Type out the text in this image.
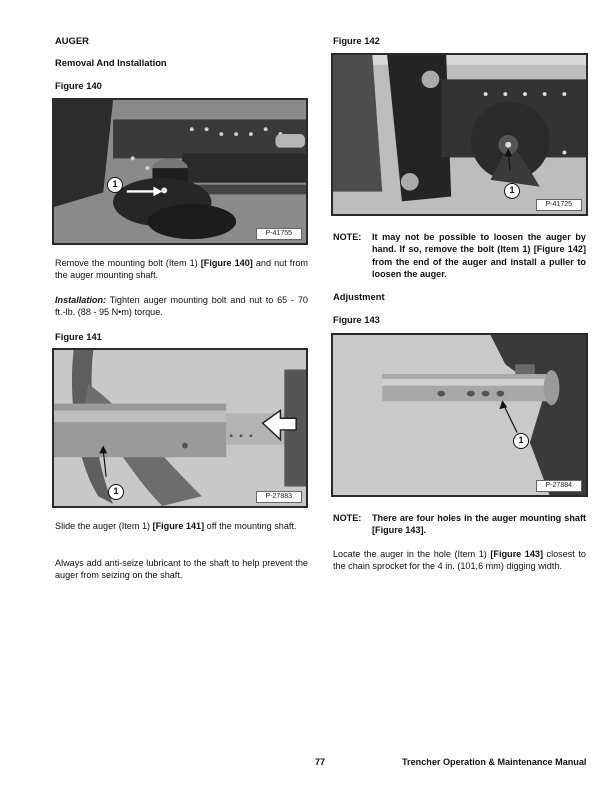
AUGER
Removal And Installation
Figure 140
1
P-41755
Remove the mounting bolt (Item 1) [Figure 140] and nut from the auger mounting shaft.
Installation: Tighten auger mounting bolt and nut to 65 - 70 ft.-lb. (88 - 95 N•m) torque.
Figure 141
1
P-27883
Slide the auger (Item 1) [Figure 141] off the mounting shaft.
Always add anti-seize lubricant to the shaft to help prevent the auger from seizing on the shaft.
Figure 142
1
P-41725
NOTE:	It may not be possible to loosen the auger by hand. If so, remove the bolt (Item 1) [Figure 142] from the end of the auger and install a puller to loosen the auger.
Adjustment
Figure 143
1
P-27884
NOTE:	There are four holes in the auger mounting shaft [Figure 143].
Locate the auger in the hole (Item 1) [Figure 143] closest to the chain sprocket for the 4 in. (101,6 mm) digging width.
77	Trencher Operation & Maintenance Manual
